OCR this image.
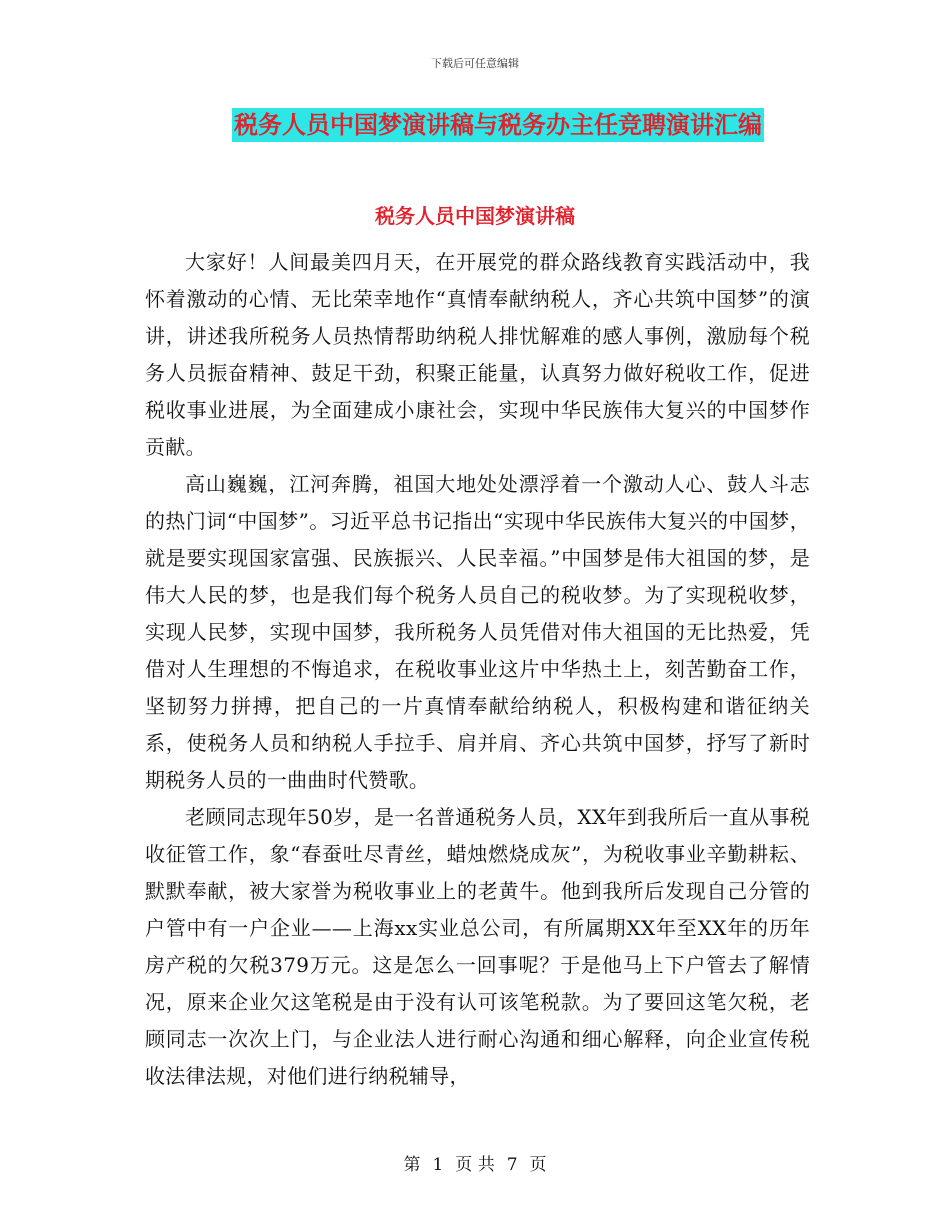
下载后可任意编辑
税务人员中国梦演讲稿与税务办主任竞聘演讲汇编
税务人员中国梦演讲稿

大家好！人间最美四月天，在开展党的群众路线教育实践活动中，我怀着激动的心情、无比荣幸地作“真情奉献纳税人，齐心共筑中国梦”的演讲，讲述我所税务人员热情帮助纳税人排忧解难的感人事例，激励每个税务人员振奋精神、鼓足干劲，积聚正能量，认真努力做好税收工作，促进税收事业进展，为全面建成小康社会，实现中华民族伟大复兴的中国梦作贡献。

高山巍巍，江河奔腾，祖国大地处处漂浮着一个激动人心、鼓人斗志的热门词“中国梦”。习近平总书记指出“实现中华民族伟大复兴的中国梦，就是要实现国家富强、民族振兴、人民幸福。”中国梦是伟大祖国的梦，是伟大人民的梦，也是我们每个税务人员自己的税收梦。为了实现税收梦，实现人民梦，实现中国梦，我所税务人员凭借对伟大祖国的无比热爱，凭借对人生理想的不悔追求，在税收事业这片中华热土上，刻苦勤奋工作，坚韧努力拼搏，把自己的一片真情奉献给纳税人，积极构建和谐征纳关系，使税务人员和纳税人手拉手、肩并肩、齐心共筑中国梦，抒写了新时期税务人员的一曲曲时代赞歌。

老顾同志现年50岁，是一名普通税务人员，XX年到我所后一直从事税收征管工作，象“春蚕吐尽青丝，蜡烛燃烧成灰”，为税收事业辛勤耕耘、默默奉献，被大家誉为税收事业上的老黄牛。他到我所后发现自己分管的户管中有一户企业——上海xx实业总公司，有所属期XX年至XX年的历年房产税的欠税379万元。这是怎么一回事呢？于是他马上下户管去了解情况，原来企业欠这笔税是由于没有认可该笔税款。为了要回这笔欠税，老顾同志一次次上门，与企业法人进行耐心沟通和细心解释，向企业宣传税收法律法规，对他们进行纳税辅导，

第 1 页 共 7 页
